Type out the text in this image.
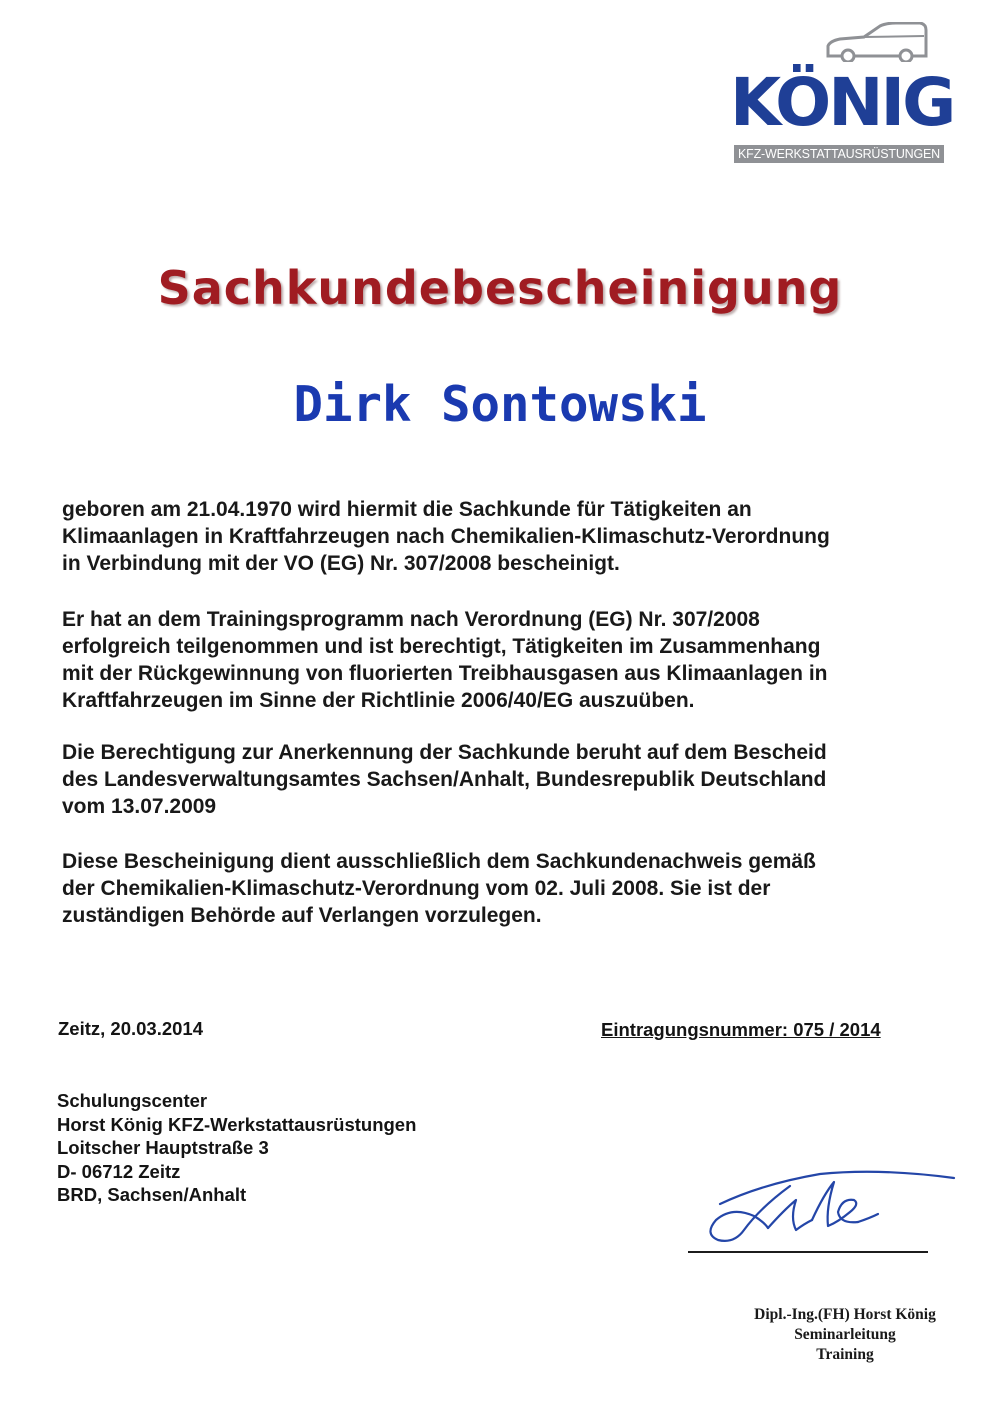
KÖNIG
KFZ-WERKSTATTAUSRÜSTUNGEN
Sachkundebescheinigung
Dirk Sontowski

geboren am 21.04.1970 wird hiermit die Sachkunde für Tätigkeiten an
Klimaanlagen in Kraftfahrzeugen nach Chemikalien-Klimaschutz-Verordnung
in Verbindung mit der VO (EG) Nr. 307/2008 bescheinigt.

Er hat an dem Trainingsprogramm nach Verordnung (EG) Nr. 307/2008
erfolgreich teilgenommen und ist berechtigt, Tätigkeiten im Zusammenhang
mit der Rückgewinnung von fluorierten Treibhausgasen aus Klimaanlagen in
Kraftfahrzeugen im Sinne der Richtlinie 2006/40/EG auszuüben.

Die Berechtigung zur Anerkennung der Sachkunde beruht auf dem Bescheid
des Landesverwaltungsamtes Sachsen/Anhalt, Bundesrepublik Deutschland
vom 13.07.2009

Diese Bescheinigung dient ausschließlich dem Sachkundenachweis gemäß
der Chemikalien-Klimaschutz-Verordnung vom 02. Juli 2008. Sie ist der
zuständigen Behörde auf Verlangen vorzulegen.

Zeitz, 20.03.2014	Eintragungsnummer: 075 / 2014
Schulungscenter
Horst König KFZ-Werkstattausrüstungen
Loitscher Hauptstraße 3
D- 06712 Zeitz
BRD, Sachsen/Anhalt
Dipl.-Ing.(FH) Horst König
Seminarleitung
Training
